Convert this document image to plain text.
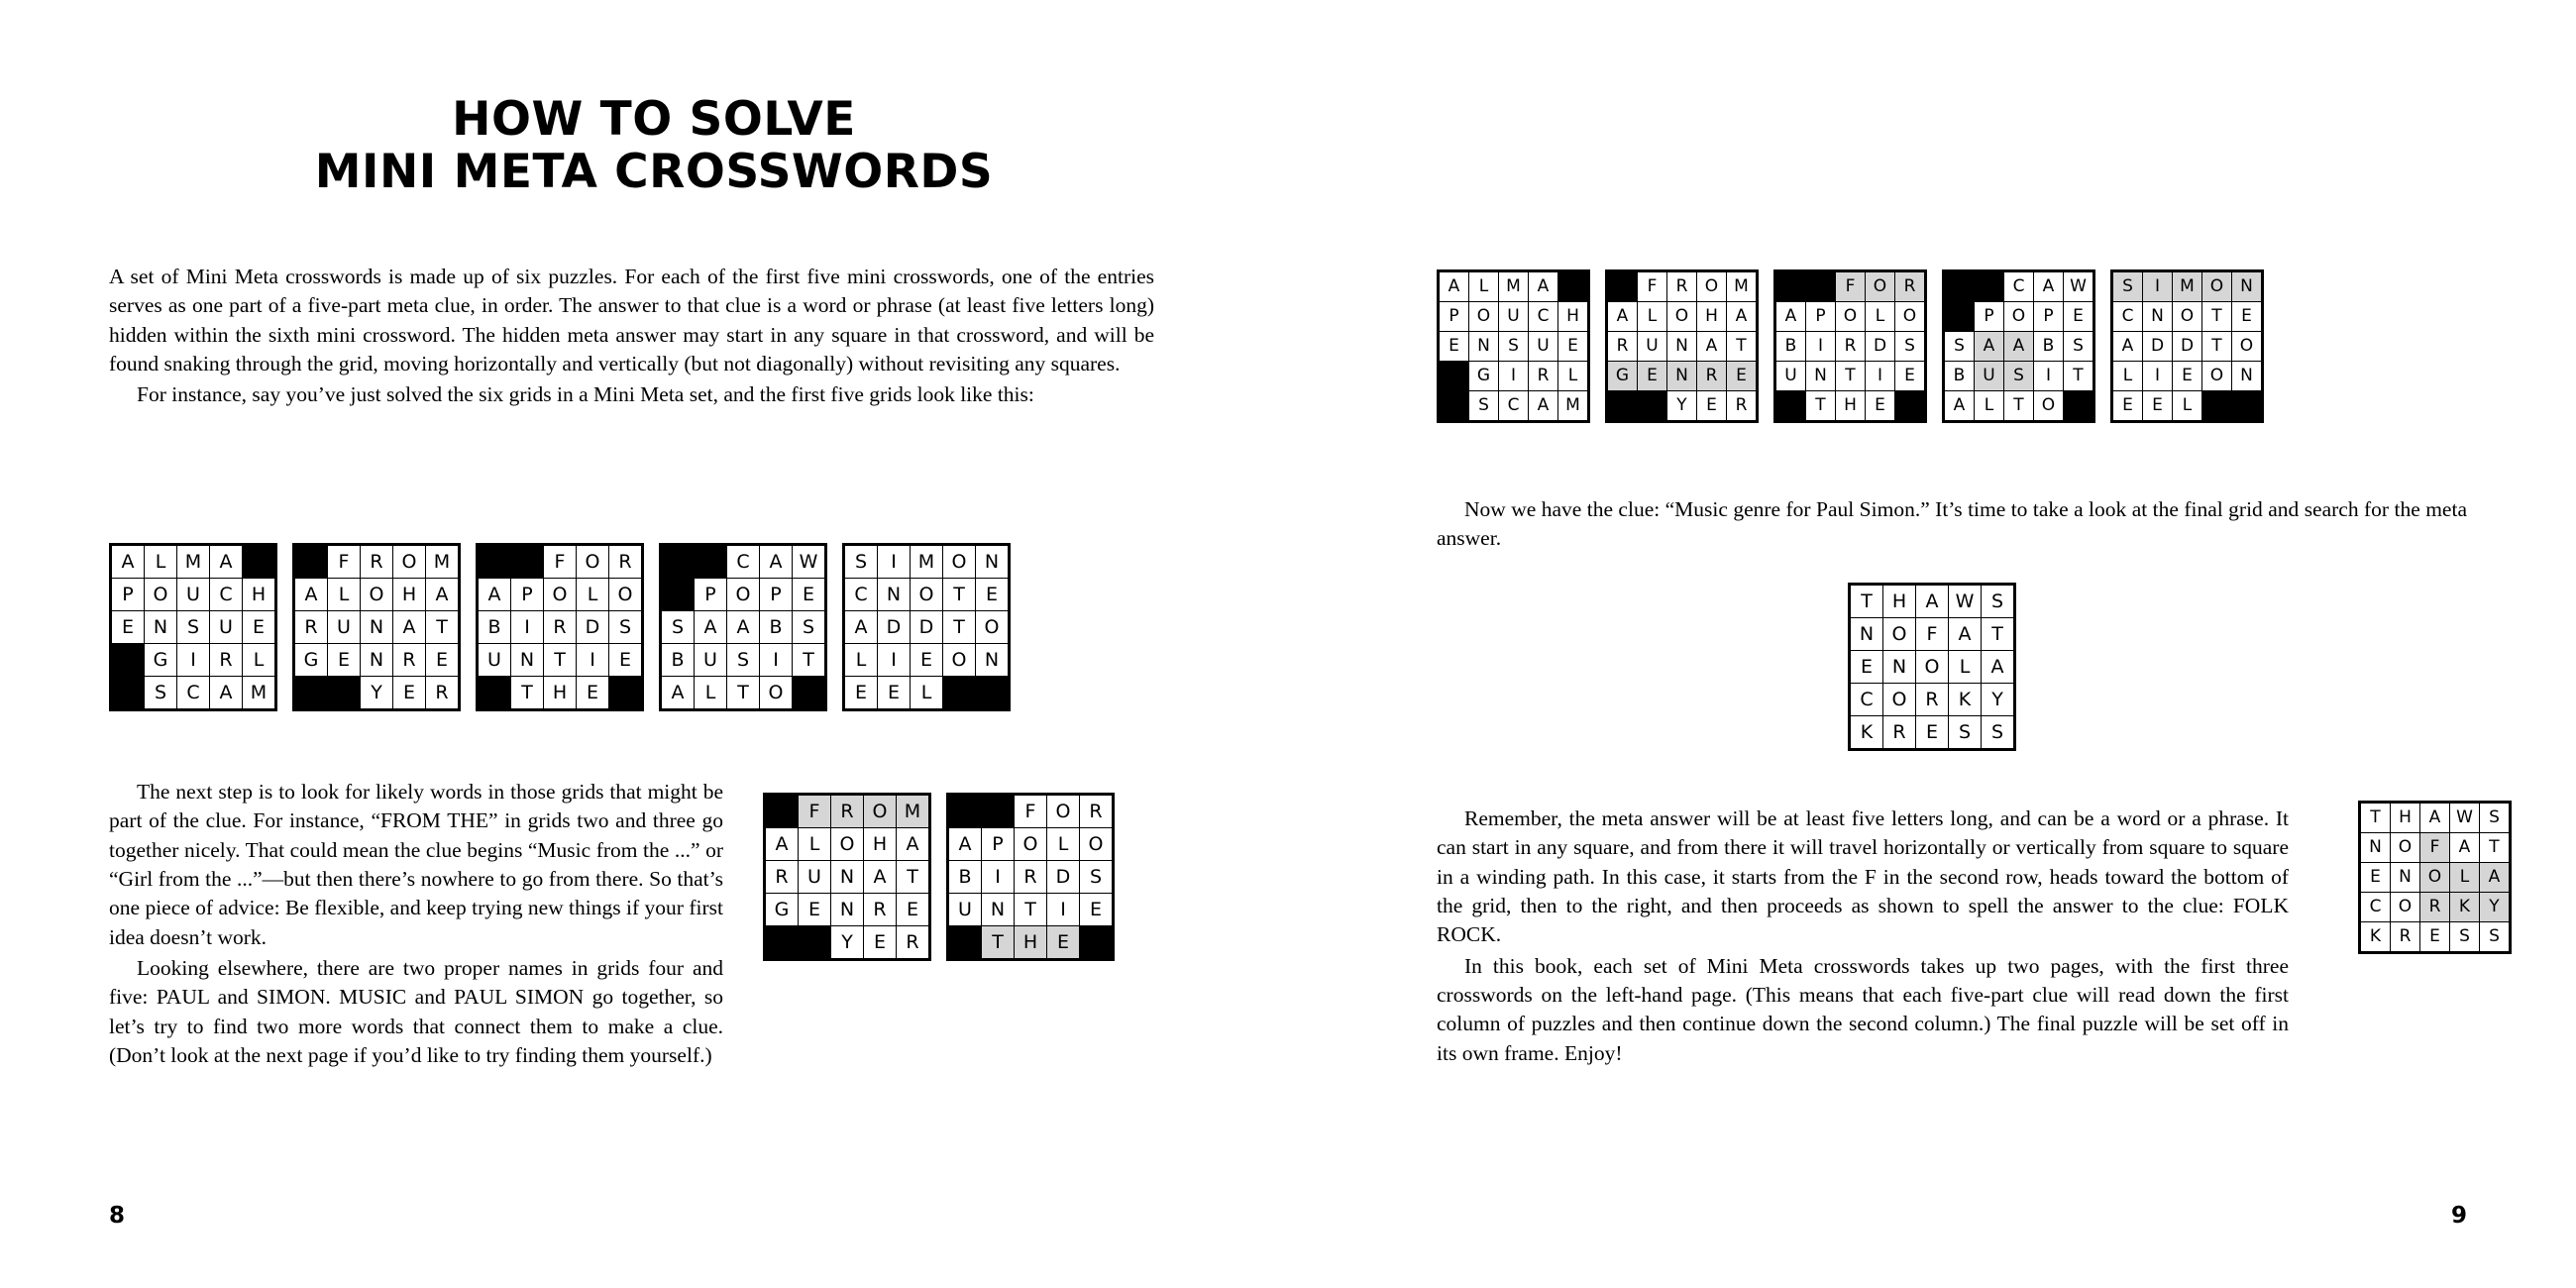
HOW TO SOLVE
MINI META CROSSWORDS

A set of Mini Meta crosswords is made up of six puzzles. For each of the first five mini crosswords, one of the entries serves as one part of a five-part meta clue, in order. The answer to that clue is a word or phrase (at least five letters long) hidden within the sixth mini crossword. The hidden meta answer may start in any square in that crossword, and will be found snaking through the grid, moving horizontally and vertically (but not diagonally) without revisiting any squares.

For instance, say you’ve just solved the six grids in a Mini Meta set, and the first five grids look like this:

A	L	M	A	
P	O	U	C	H
E	N	S	U	E
	G	I	R	L
	S	C	A	M
	F	R	O	M
A	L	O	H	A
R	U	N	A	T
G	E	N	R	E
		Y	E	R
		F	O	R
A	P	O	L	O
B	I	R	D	S
U	N	T	I	E
	T	H	E	
		C	A	W
	P	O	P	E
S	A	A	B	S
B	U	S	I	T
A	L	T	O	
S	I	M	O	N
C	N	O	T	E
A	D	D	T	O
L	I	E	O	N
E	E	L		

The next step is to look for likely words in those grids that might be part of the clue. For instance, “FROM THE” in grids two and three go together nicely. That could mean the clue begins “Music from the ...” or “Girl from the ...”—but then there’s nowhere to go from there. So that’s one piece of advice: Be flexible, and keep trying new things if your first idea doesn’t work.

Looking elsewhere, there are two proper names in grids four and five: PAUL and SIMON. MUSIC and PAUL SIMON go together, so let’s try to find two more words that connect them to make a clue. (Don’t look at the next page if you’d like to try finding them yourself.)

	F	R	O	M
A	L	O	H	A
R	U	N	A	T
G	E	N	R	E
		Y	E	R
		F	O	R
A	P	O	L	O
B	I	R	D	S
U	N	T	I	E
	T	H	E	
8
A	L	M	A	
P	O	U	C	H
E	N	S	U	E
	G	I	R	L
	S	C	A	M
	F	R	O	M
A	L	O	H	A
R	U	N	A	T
G	E	N	R	E
		Y	E	R
		F	O	R
A	P	O	L	O
B	I	R	D	S
U	N	T	I	E
	T	H	E	
		C	A	W
	P	O	P	E
S	A	A	B	S
B	U	S	I	T
A	L	T	O	
S	I	M	O	N
C	N	O	T	E
A	D	D	T	O
L	I	E	O	N
E	E	L		

Now we have the clue: “Music genre for Paul Simon.” It’s time to take a look at the final grid and search for the meta answer.

T	H	A	W	S
N	O	F	A	T
E	N	O	L	A
C	O	R	K	Y
K	R	E	S	S

Remember, the meta answer will be at least five letters long, and can be a word or a phrase. It can start in any square, and from there it will travel horizontally or vertically from square to square in a winding path. In this case, it starts from the F in the second row, heads toward the bottom of the grid, then to the right, and then proceeds as shown to spell the answer to the clue: FOLK ROCK.

In this book, each set of Mini Meta crosswords takes up two pages, with the first three crosswords on the left-hand page. (This means that each five-part clue will read down the first column of puzzles and then continue down the second column.) The final puzzle will be set off in its own frame. Enjoy!

T	H	A	W	S
N	O	F	A	T
E	N	O	L	A
C	O	R	K	Y
K	R	E	S	S
9
